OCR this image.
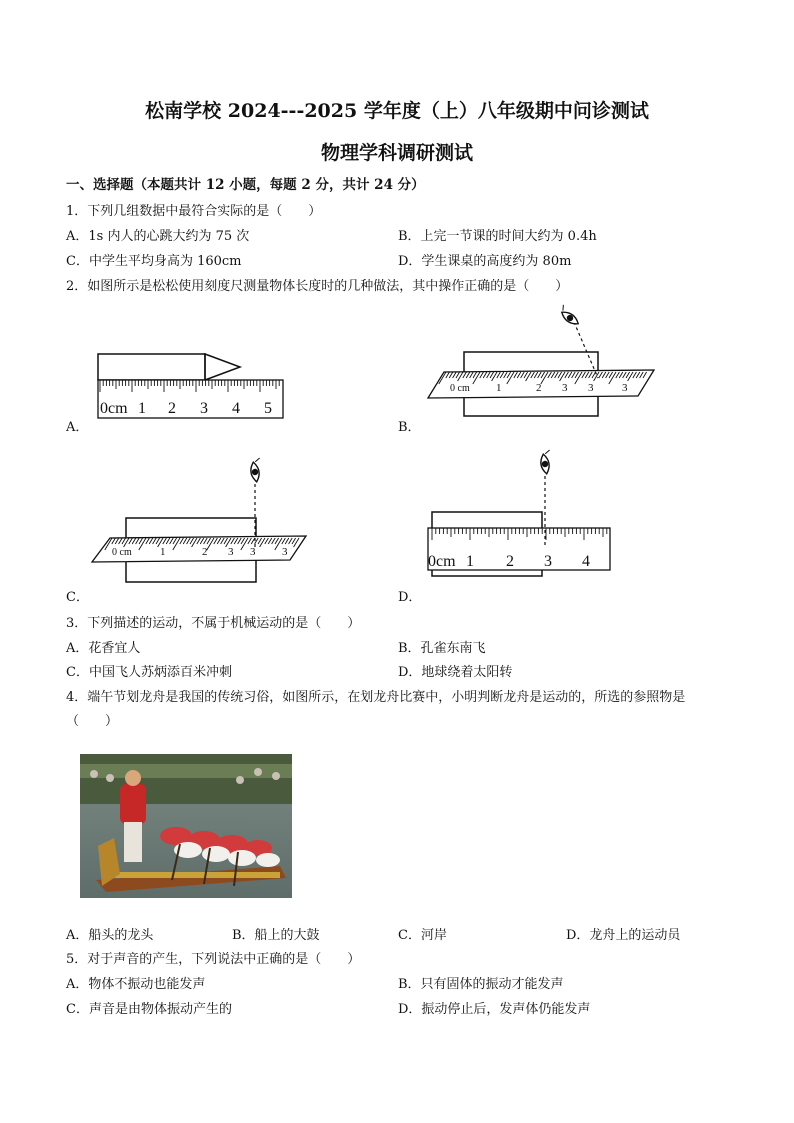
松南学校 2024---2025 学年度（上）八年级期中问诊测试
物理学科调研测试
一、选择题（本题共计 12 小题，每题 2 分，共计 24 分）
1．下列几组数据中最符合实际的是（　　）
A．1s 内人的心跳大约为 75 次	B．上完一节课的时间大约为 0.4h
C．中学生平均身高为 160cm	D．学生课桌的高度约为 80m
2．如图所示是松松使用刻度尺测量物体长度时的几种做法，其中操作正确的是（　　）
0cm 1 2 3 4 5
A．
0 cm 1	2 3 3	3
B．
0 cm	1	2 3 3 3
C．
0cm 1 2 3 4
D．
3．下列描述的运动，不属于机械运动的是（　　）
A．花香宜人	B．孔雀东南飞
C．中国飞人苏炳添百米冲刺	D．地球绕着太阳转
4．端午节划龙舟是我国的传统习俗，如图所示，在划龙舟比赛中，小明判断龙舟是运动的，所选的参照物是
（　　）
A．船头的龙头	B．船上的大鼓	C．河岸	D．龙舟上的运动员
5．对于声音的产生，下列说法中正确的是（　　）
A．物体不振动也能发声	B．只有固体的振动才能发声
C．声音是由物体振动产生的	D．振动停止后，发声体仍能发声
